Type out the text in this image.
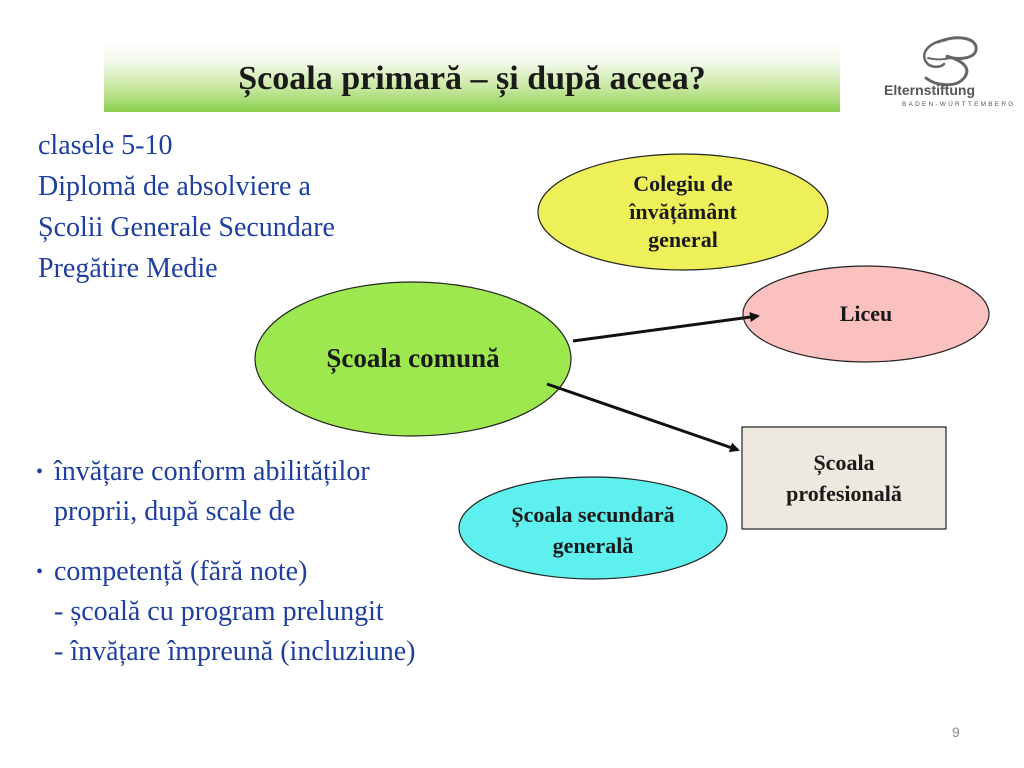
Școala primară – și după aceea?	Elternstiftung
BADEN-WÜRTTEMBERG
clasele 5-10
Diplomă de absolviere a
Școlii Generale Secundare
Pregătire Medie
Colegiu de
învățământ
general
Liceu
Școala
profesională
Școala secundară
generală
Școala comună
• învățare conform abilităților
proprii, după scale de
• competență (fără note)
- școală cu program prelungit
- învățare împreună (incluziune)
9
